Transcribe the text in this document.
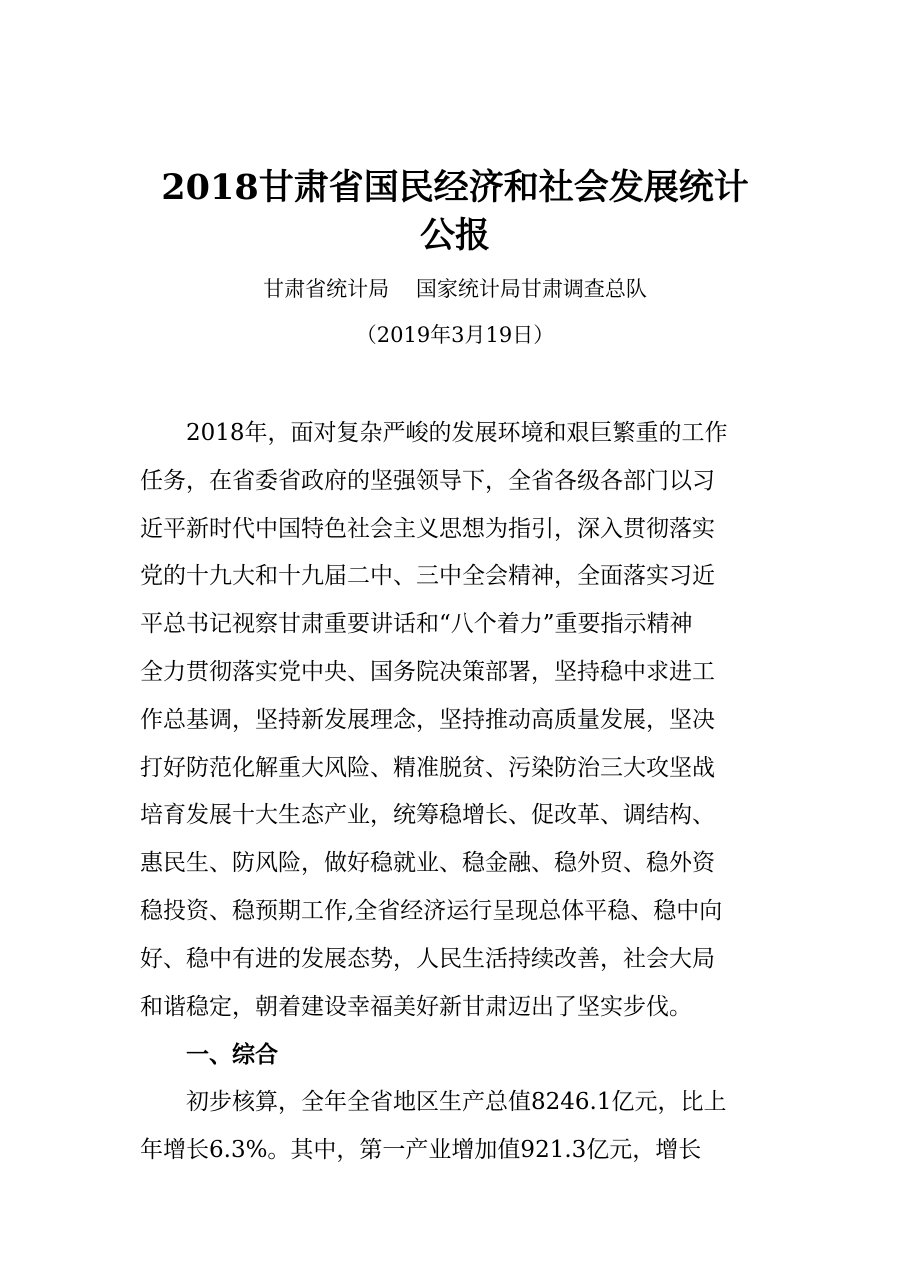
2018甘肃省国民经济和社会发展统计
公报

甘肃省统计局    国家统计局甘肃调查总队

（2019年3月19日）

2018年，面对复杂严峻的发展环境和艰巨繁重的工作
任务，在省委省政府的坚强领导下，全省各级各部门以习
近平新时代中国特色社会主义思想为指引，深入贯彻落实
党的十九大和十九届二中、三中全会精神，全面落实习近
平总书记视察甘肃重要讲话和“八个着力”重要指示精神
全力贯彻落实党中央、国务院决策部署，坚持稳中求进工
作总基调，坚持新发展理念，坚持推动高质量发展，坚决
打好防范化解重大风险、精准脱贫、污染防治三大攻坚战
培育发展十大生态产业，统筹稳增长、促改革、调结构、
惠民生、防风险，做好稳就业、稳金融、稳外贸、稳外资
稳投资、稳预期工作,全省经济运行呈现总体平稳、稳中向
好、稳中有进的发展态势，人民生活持续改善，社会大局
和谐稳定，朝着建设幸福美好新甘肃迈出了坚实步伐。
一、综合
初步核算，全年全省地区生产总值8246.1亿元，比上
年增长6.3%。其中，第一产业增加值921.3亿元，增长
